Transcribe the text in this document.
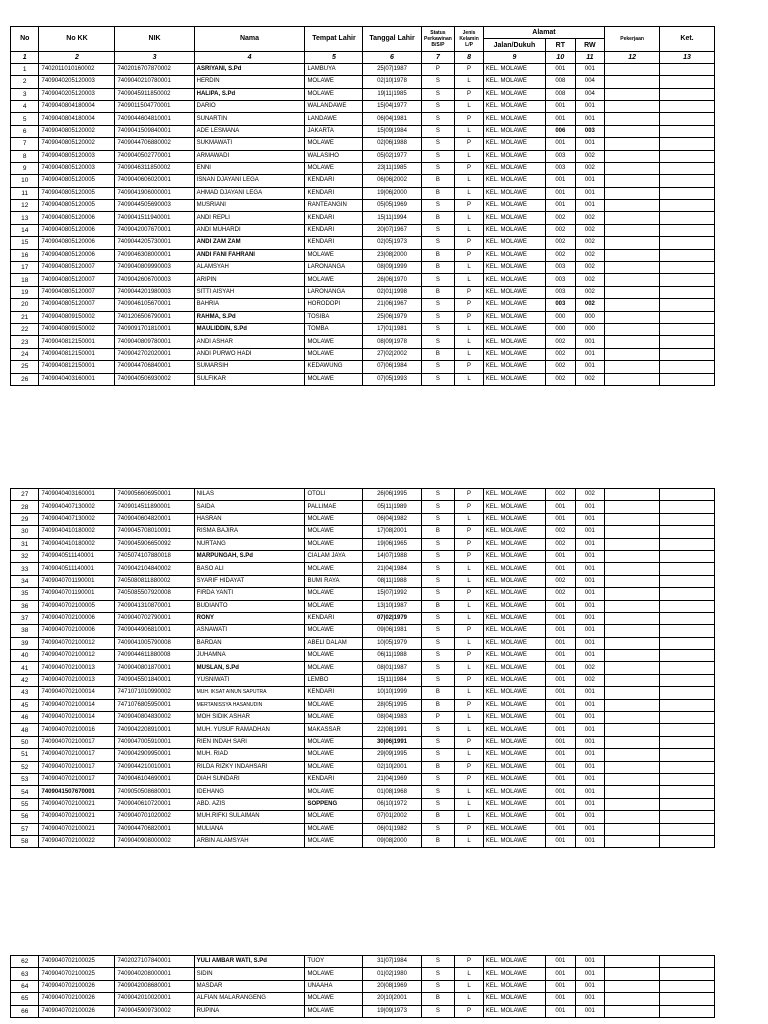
No	No KK	NIK	Nama	Tempat Lahir	Tanggal Lahir	Status Perkawinan B/S/P	Jenis Kelamin L/P	Alamat			Pekerjaan	Ket.
								Jalan/Dukuh	RT	RW		
1	2	3	4	5	6	7	8	9	10	11	12	13
1	7402011010160002	7402016707870002	ASRIYANI, S.Pd	LAMBUYA	25|07|1987	P	P	KEL. MOLAWE	001	001		
2	7409040205120003	7409040210780001	HERDIN	MOLAWE	02|10|1978	S	L	KEL. MOLAWE	008	004		
3	7409040205120003	7409045911850002	HALIPA, S.Pd	MOLAWE	19|11|1985	S	P	KEL. MOLAWE	008	004		
4	7409040804180004	7409011504770001	DARIO	WALANDAWE	15|04|1977	S	L	KEL. MOLAWE	001	001		
5	7409040804180004	7409044604810001	SUNARTIN	LANDAWE	06|04|1981	S	P	KEL. MOLAWE	001	001		
6	7409040805120002	7409041509840001	ADE LESMANA	JAKARTA	15|09|1984	S	L	KEL. MOLAWE	006	003		
7	7409040805120002	7409044706880002	SUKMAWATI	MOLAWE	02|06|1988	S	P	KEL. MOLAWE	001	001		
8	7409040805120003	7409040502770001	ARMAWADI	WALASIHO	05|02|1977	S	L	KEL. MOLAWE	003	002		
9	7409040805120003	7409046311850002	ENNI	MOLAWE	23|11|1985	S	P	KEL. MOLAWE	003	002		
10	7409040805120005	7409040606020001	ISNAN DJAYANI LEGA	KENDARI	06|06|2002	B	L	KEL. MOLAWE	001	001		
11	7409040805120005	7409041906000001	AHMAD DJAYANI LEGA	KENDARI	19|06|2000	B	L	KEL. MOLAWE	001	001		
12	7409040805120005	7409044505690003	MUSRIANI	RANTEANGIN	05|05|1969	S	P	KEL. MOLAWE	001	001		
13	7409040805120006	7409041511940001	ANDI REPLI	KENDARI	15|11|1994	B	L	KEL. MOLAWE	002	002		
14	7409040805120006	7409042007670001	ANDI MUHARDI	KENDARI	20|07|1967	S	L	KEL. MOLAWE	002	002		
15	7409040805120006	7409044205730001	ANDI ZAM ZAM	KENDARI	02|05|1973	S	P	KEL. MOLAWE	002	002		
16	7409040805120006	7409046308000001	ANDI FANI FAHRANI	MOLAWE	23|08|2000	B	P	KEL. MOLAWE	002	002		
17	7409040805120007	7409040809990003	ALAMSYAH	LARONANGA	08|09|1999	B	L	KEL. MOLAWE	003	002		
18	7409040805120007	7409042606700003	ARIPIN	MOLAWE	26|06|1970	S	L	KEL. MOLAWE	003	002		
19	7409040805120007	7409044201980003	SITTI AISYAH	LARONANGA	02|01|1998	B	P	KEL. MOLAWE	003	002		
20	7409040805120007	7409046105670001	BAHRIA	HORODOPI	21|06|1967	S	P	KEL. MOLAWE	003	002		
21	7409040809150002	7401206506790001	RAHMA, S.Pd	TOSIBA	25|06|1979	S	P	KEL. MOLAWE	000	000		
22	7409040809150002	7409091701810001	MAULIDDIN, S.Pd	TOMBA	17|01|1981	S	L	KEL. MOLAWE	000	000		
23	7409040812150001	7409040809780001	ANDI ASHAR	MOLAWE	08|09|1978	S	L	KEL. MOLAWE	002	001		
24	7409040812150001	7409042702020001	ANDI PURWO HADI	MOLAWE	27|02|2002	B	L	KEL. MOLAWE	002	001		
25	7409040812150001	7409044706840001	SUMARSIH	KEDAWUNG	07|06|1984	S	P	KEL. MOLAWE	002	001		
26	7409040403160001	7409040506930002	SULFIKAR	MOLAWE	07|05|1993	S	L	KEL. MOLAWE	002	002		
27	7409040403160001	7409056606950001	NILAS	OTOLI	26|06|1995	S	P	KEL. MOLAWE	002	002		
28	7409040407130002	7409014511890001	SAIDA	PALLIMAE	05|11|1989	S	P	KEL. MOLAWE	001	001		
29	7409040407130002	7409040604820001	HASRAN	MOLAWE	06|04|1982	S	L	KEL. MOLAWE	001	001		
30	7409040410180002	7409045708010091	RISMA BAJIRA	MOLAWE	17|08|2001	B	P	KEL. MOLAWE	002	001		
31	7409040410180002	7409045906650092	NURTANG	MOLAWE	19|06|1965	S	P	KEL. MOLAWE	002	001		
32	7409040511140001	7405074107880018	MARPUNGAH, S.Pd	CIALAM JAYA	14|07|1988	S	P	KEL. MOLAWE	001	001		
33	7409040511140001	7409042104840002	BASO ALI	MOLAWE	21|04|1984	S	L	KEL. MOLAWE	001	001		
34	7409040701190001	7405080811880002	SYARIF HIDAYAT	BUMI RAYA	08|11|1988	S	L	KEL. MOLAWE	002	001		
35	7409040701190001	7405085507920008	FIRDA YANTI	MOLAWE	15|07|1992	S	P	KEL. MOLAWE	002	001		
36	7409040702100005	7409041310870001	BUDIANTO	MOLAWE	13|10|1987	B	L	KEL. MOLAWE	001	001		
37	7409040702100006	7409040702790001	RONY	KENDARI	07|02|1979	S	L	KEL. MOLAWE	001	001		
38	7409040702100006	7409044906810001	ASNAWATI	MOLAWE	09|06|1981	S	P	KEL. MOLAWE	001	001		
39	7409040702100012	7409041005790008	BARDAN	ABELI DALAM	10|05|1979	S	L	KEL. MOLAWE	001	001		
40	7409040702100012	7409044611880008	JUHAMNA	MOLAWE	06|11|1988	S	P	KEL. MOLAWE	001	001		
41	7409040702100013	7409040801870001	MUSLAN, S.Pd	MOLAWE	08|01|1987	S	L	KEL. MOLAWE	001	002		
42	7409040702100013	7409045501840001	YUSNIWATI	LEMBO	15|11|1984	S	P	KEL. MOLAWE	001	002		
43	7409040702100014	7471071010990002	MUH. IKSAT AINUN SAPUTRA	KENDARI	10|10|1999	B	L	KEL. MOLAWE	001	001		
45	7409040702100014	7471076805950001	MERTANISSYA HASANUDIN	MOLAWE	28|05|1995	B	P	KEL. MOLAWE	001	001		
46	7409040702100014	7409040804830002	MOH SIDIK ASHAR	MOLAWE	08|04|1983	P	L	KEL. MOLAWE	001	001		
48	7409040702100016	7409042208910001	MUH. YUSUF RAMADHAN	MAKASSAR	22|08|1991	S	L	KEL. MOLAWE	001	001		
50	7409040702100017	7409047005910001	RIEN INDAH SARI	MOLAWE	30|06|1991	S	P	KEL. MOLAWE	001	001		
51	7409040702100017	7409042909950001	MUH. RIAD	MOLAWE	29|09|1995	S	L	KEL. MOLAWE	001	001		
52	7409040702100017	7409044210010001	RILDA RIZKY INDAHSARI	MOLAWE	02|10|2001	B	P	KEL. MOLAWE	001	001		
53	7409040702100017	7409046104690001	DIAH SUNDARI	KENDARI	21|04|1969	S	P	KEL. MOLAWE	001	001		
54	7409041507670001	7409050508680001	IDEHANG	MOLAWE	01|08|1968	S	L	KEL. MOLAWE	001	001		
55	7409040702100021	7409040610720001	ABD. AZIS	SOPPENG	06|10|1972	S	L	KEL. MOLAWE	001	001		
56	7409040702100021	7409040701020002	MUH.RIFKI SULAIMAN	MOLAWE	07|01|2002	B	L	KEL. MOLAWE	001	001		
57	7409040702100021	7409044706820001	MULIANA	MOLAWE	06|01|1982	S	P	KEL. MOLAWE	001	001		
58	7409040702100022	7409040908000002	ARBIN ALAMSYAH	MOLAWE	09|08|2000	B	L	KEL. MOLAWE	001	001		
62	7409040702100025	7402027107840001	YULI AMBAR WATI, S.Pd	TUOY	31|07|1984	S	P	KEL. MOLAWE	001	001		
63	7409040702100025	7409040208000001	SIDIN	MOLAWE	01|02|1980	S	L	KEL. MOLAWE	001	001		
64	7409040702100026	7409042008680001	MASDAR	UNAAHA	20|08|1969	S	L	KEL. MOLAWE	001	001		
65	7409040702100026	7409042010020001	ALFIAN MALARANGENG	MOLAWE	20|10|2001	B	L	KEL. MOLAWE	001	001		
66	7409040702100026	7409045909730002	RUPINA	MOLAWE	19|09|1973	S	P	KEL. MOLAWE	001	001		
